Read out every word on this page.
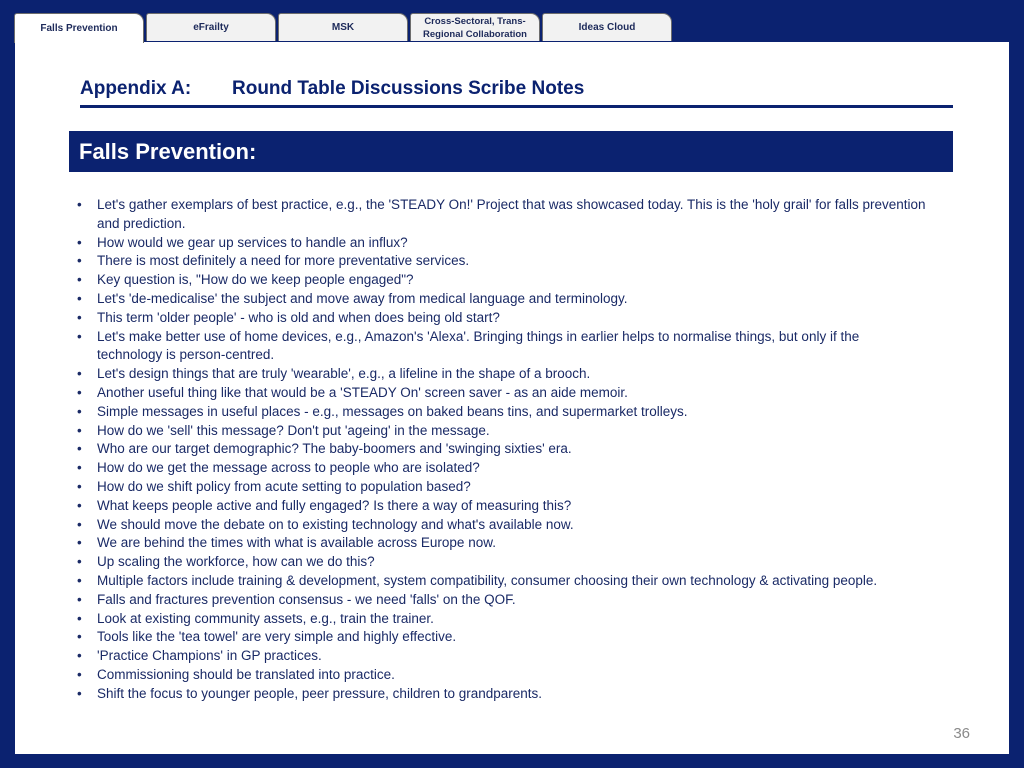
Falls Prevention	eFrailty	MSK	Cross-Sectoral, Trans-Regional Collaboration
Ideas Cloud
Appendix A: Round Table Discussions Scribe Notes
Falls Prevention:
• Let's gather exemplars of best practice, e.g., the 'STEADY On!' Project that was showcased today. This is the 'holy grail' for falls prevention and prediction.
• How would we gear up services to handle an influx?
• There is most definitely a need for more preventative services.
• Key question is, "How do we keep people engaged"?
• Let's 'de-medicalise' the subject and move away from medical language and terminology.
• This term 'older people' - who is old and when does being old start?
• Let's make better use of home devices, e.g., Amazon's 'Alexa'. Bringing things in earlier helps to normalise things, but only if the technology is person-centred.
• Let's design things that are truly 'wearable', e.g., a lifeline in the shape of a brooch.
• Another useful thing like that would be a 'STEADY On' screen saver - as an aide memoir.
• Simple messages in useful places - e.g., messages on baked beans tins, and supermarket trolleys.
• How do we 'sell' this message? Don't put 'ageing' in the message.
• Who are our target demographic? The baby-boomers and 'swinging sixties' era.
• How do we get the message across to people who are isolated?
• How do we shift policy from acute setting to population based?
• What keeps people active and fully engaged? Is there a way of measuring this?
• We should move the debate on to existing technology and what's available now.
• We are behind the times with what is available across Europe now.
• Up scaling the workforce, how can we do this?
• Multiple factors include training & development, system compatibility, consumer choosing their own technology & activating people.
• Falls and fractures prevention consensus - we need 'falls' on the QOF.
• Look at existing community assets, e.g., train the trainer.
• Tools like the 'tea towel' are very simple and highly effective.
• 'Practice Champions' in GP practices.
• Commissioning should be translated into practice.
• Shift the focus to younger people, peer pressure, children to grandparents.
36
